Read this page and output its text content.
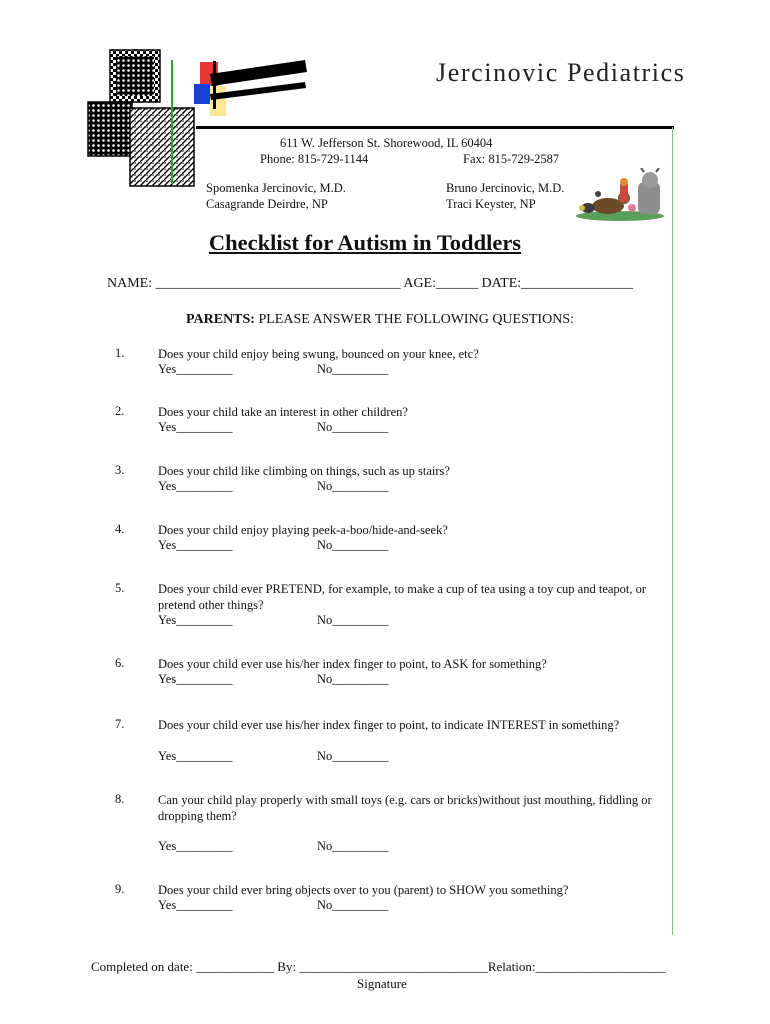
Jercinovic Pediatrics
611 W. Jefferson St. Shorewood, IL 60404
Phone: 815-729-1144	Fax: 815-729-2587
Spomenka Jercinovic, M.D.
Casagrande Deirdre, NP
Bruno Jercinovic, M.D.
Traci Keyster, NP
Checklist for Autism in Toddlers
NAME: ___________________________________ AGE:______ DATE:________________
PARENTS: PLEASE ANSWER THE FOLLOWING QUESTIONS:
1.	Does your child enjoy being swung, bounced on your knee, etc?
Yes_________	No_________
2.	Does your child take an interest in other children?
Yes_________	No_________
3.	Does your child like climbing on things, such as up stairs?
Yes_________	No_________
4.	Does your child enjoy playing peek-a-boo/hide-and-seek?
Yes_________	No_________
5.	Does your child ever PRETEND, for example, to make a cup of tea using a toy cup and teapot, or pretend other things?
Yes_________	No_________
6.	Does your child ever use his/her index finger to point, to ASK for something?
Yes_________	No_________
7.	Does your child ever use his/her index finger to point, to indicate INTEREST in something?
Yes_________	No_________
8.	Can your child play properly with small toys (e.g. cars or bricks)without just mouthing, fiddling or dropping them?
Yes_________	No_________
9.	Does your child ever bring objects over to you (parent) to SHOW you something?
Yes_________	No_________
Completed on date: ____________ By: _____________________________Relation:____________________
Signature
